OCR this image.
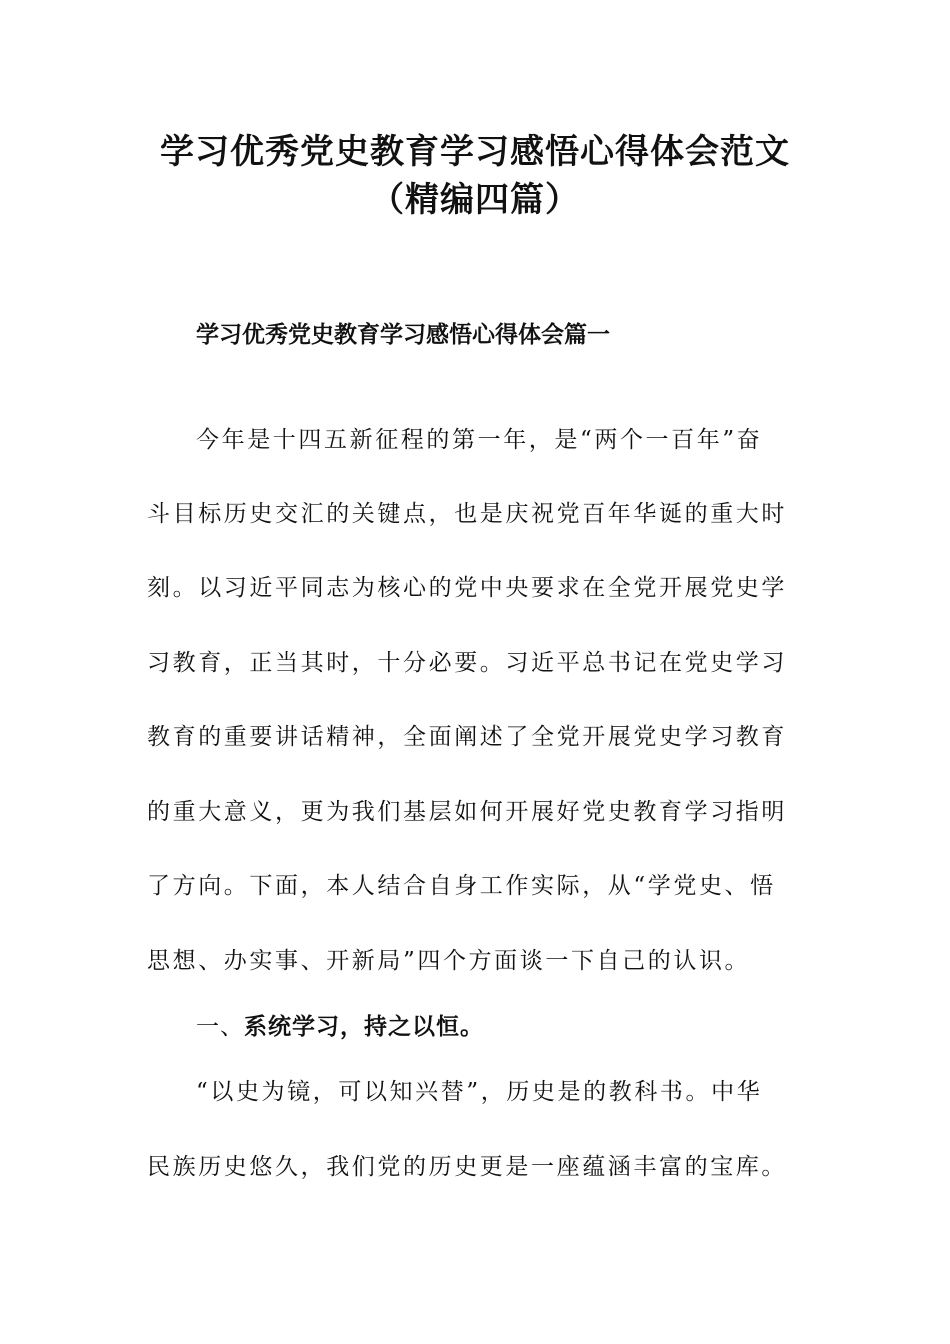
学习优秀党史教育学习感悟心得体会范文
（精编四篇）
学习优秀党史教育学习感悟心得体会篇一
今年是十四五新征程的第一年，是“两个一百年”奋
斗目标历史交汇的关键点，也是庆祝党百年华诞的重大时
刻。以习近平同志为核心的党中央要求在全党开展党史学
习教育，正当其时，十分必要。习近平总书记在党史学习
教育的重要讲话精神，全面阐述了全党开展党史学习教育
的重大意义，更为我们基层如何开展好党史教育学习指明
了方向。下面，本人结合自身工作实际，从“学党史、悟
思想、办实事、开新局”四个方面谈一下自己的认识。
一、系统学习，持之以恒。
“以史为镜，可以知兴替”，历史是的教科书。中华
民族历史悠久，我们党的历史更是一座蕴涵丰富的宝库。
